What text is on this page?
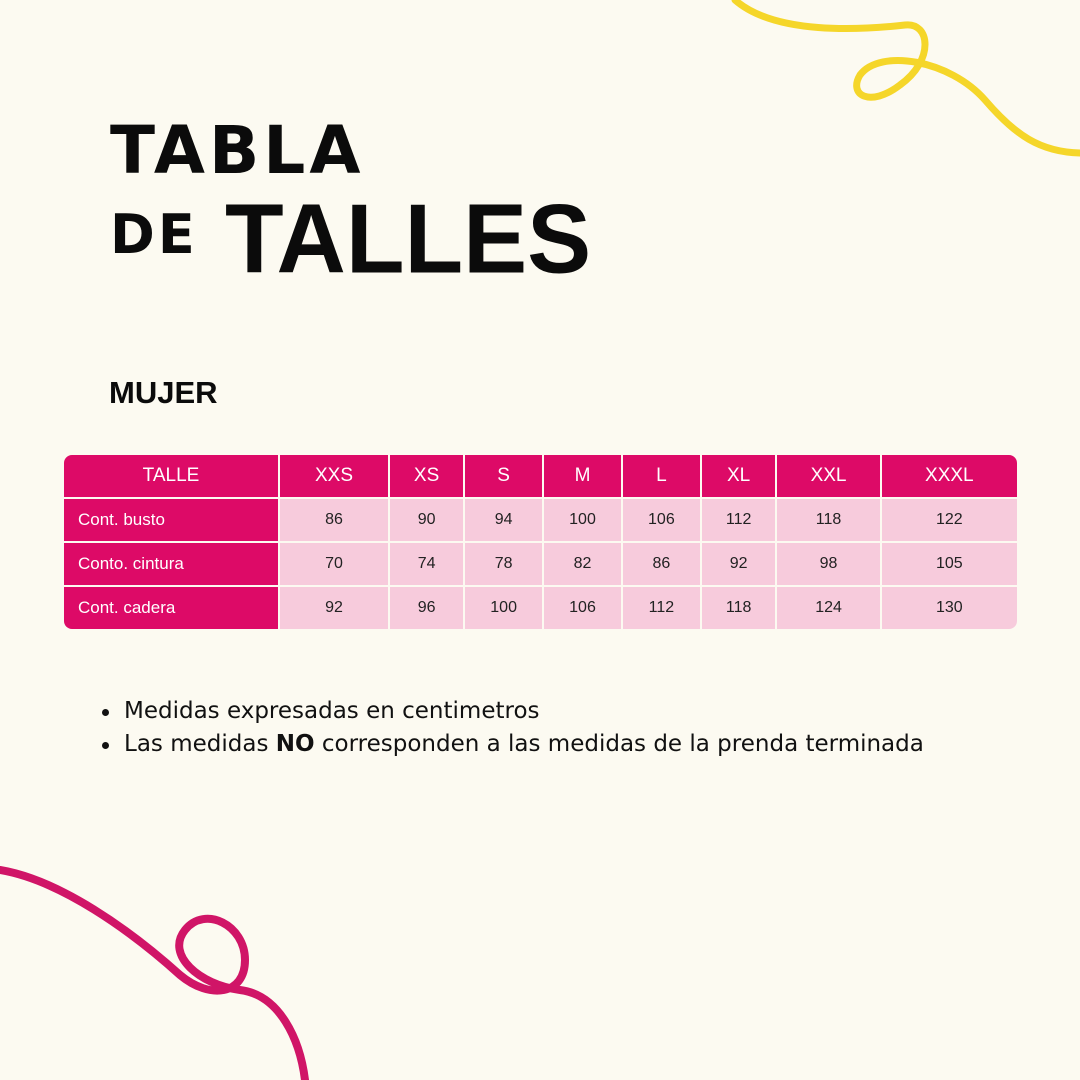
TABLA
DE TALLES
MUJER
TALLE	XXS	XS	S	M	L	XL	XXL	XXXL
Cont. busto	86	90	94	100	106	112	118	122
Conto. cintura	70	74	78	82	86	92	98	105
Cont. cadera	92	96	100	106	112	118	124	130
Medidas expresadas en centimetros
Las medidas NO corresponden a las medidas de la prenda terminada
